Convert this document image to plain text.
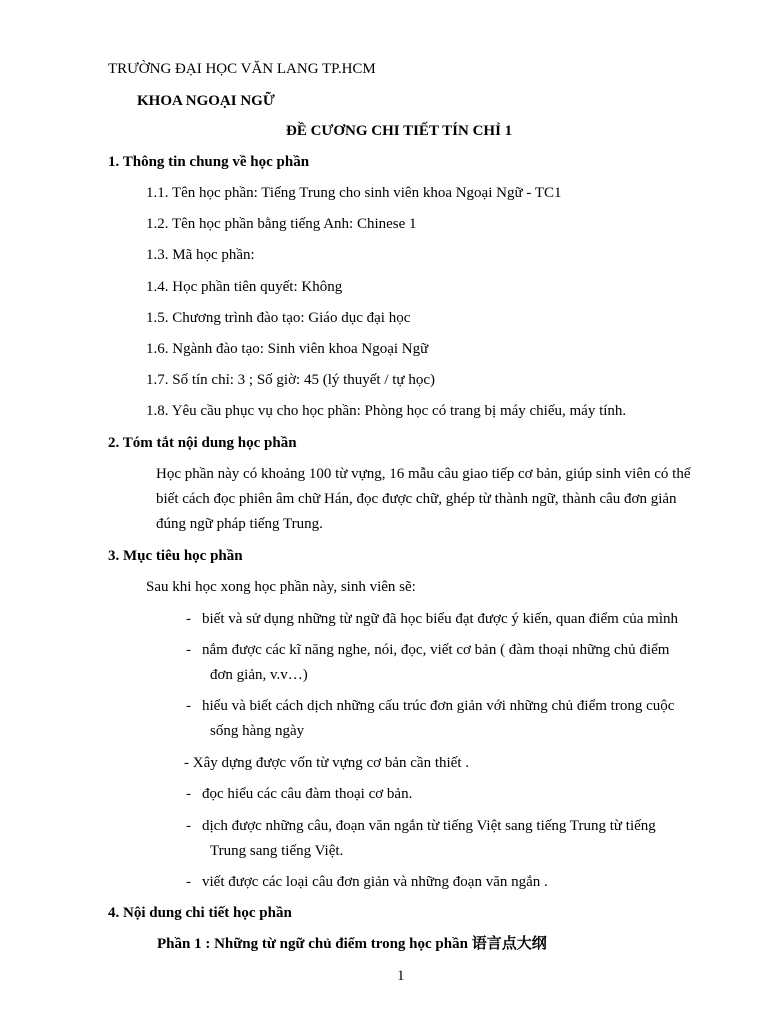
TRƯỜNG ĐẠI HỌC VĂN LANG TP.HCM
KHOA NGOẠI NGỮ
ĐỀ CƯƠNG CHI TIẾT TÍN CHỈ 1
1. Thông tin chung về học phần
1.1. Tên học phần: Tiếng Trung cho sinh viên khoa Ngoại Ngữ - TC1
1.2. Tên học phần bằng tiếng Anh: Chinese 1
1.3. Mã học phần:
1.4. Học phần tiên quyết: Không
1.5. Chương trình đào tạo: Giáo dục đại học
1.6. Ngành đào tạo: Sinh viên khoa Ngoại Ngữ
1.7. Số tín chỉ: 3 ; Số giờ: 45 (lý thuyết / tự học)
1.8. Yêu cầu phục vụ cho học phần: Phòng học có trang bị máy chiếu, máy tính.
2. Tóm tắt nội dung học phần
Học phần này có khoảng 100 từ vựng, 16 mẫu câu giao tiếp cơ bản, giúp sinh viên có thể biết cách đọc phiên âm chữ Hán, đọc được chữ, ghép từ thành ngữ, thành câu đơn giản đúng ngữ pháp tiếng Trung.
3. Mục tiêu học phần
Sau khi học xong học phần này, sinh viên sẽ:
- biết và sử dụng những từ ngữ đã học biểu đạt được ý kiến, quan điểm của mình
- nắm được các kĩ năng nghe, nói, đọc, viết cơ bản ( đàm thoại những chủ điểm
đơn giản, v.v…)
- hiểu và biết cách dịch những cấu trúc đơn giản với những chủ điểm trong cuộc
sống hàng ngày
- Xây dựng được vốn từ vựng cơ bản cần thiết .
- đọc hiểu các câu đàm thoại cơ bản.
- dịch được những câu, đoạn văn ngắn từ tiếng Việt sang tiếng Trung từ tiếng
Trung sang tiếng Việt.
- viết được các loại câu đơn giản và những đoạn văn ngắn .
4. Nội dung chi tiết học phần
Phần 1 : Những từ ngữ chủ điểm trong học phần 语言点大纲
1
